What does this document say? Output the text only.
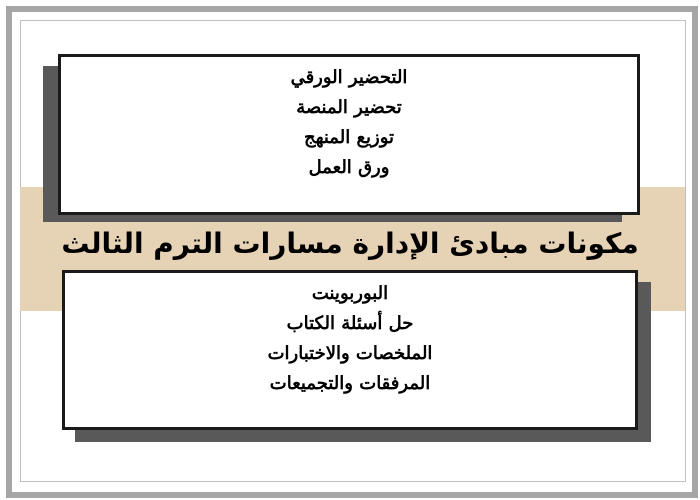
التحضير الورقي
تحضير المنصة
توزيع المنهج
ورق العمل
مكونات مبادئ الإدارة مسارات الترم الثالث
البوربوينت
حل أسئلة الكتاب
الملخصات والاختبارات
المرفقات والتجميعات
